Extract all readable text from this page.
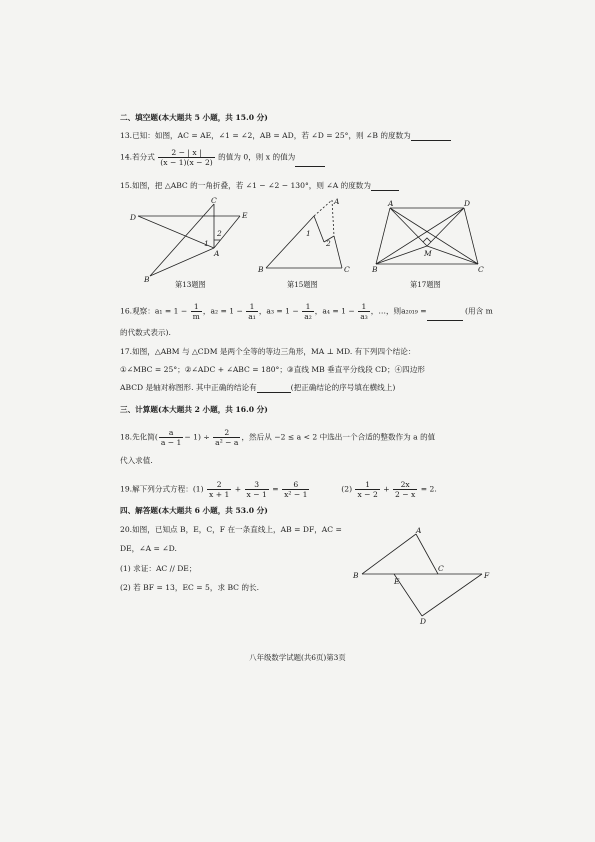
二、填空题(本大题共 5 小题，共 15.0 分)
13.已知：如图，AC = AE，∠1 = ∠2，AB = AD，若 ∠D = 25°，则 ∠B 的度数为
14.若分式 $\frac{2 - | x |}{(x - 1)(x - 2)}$ 的值为 0，则 x 的值为
15.如图，把 △ABC 的一角折叠，若 ∠1 − ∠2 − 130°，则 ∠A 的度数为
C
E
D
2
1
A
B
第13题图
A
1
2
B	C
第15题图
A	D
M
B	C
第17题图
16.观察：$a_1 = 1 - \frac{1}{m}$ ，$a_2 = 1 - \frac{1}{\text{a₁}}$ ，$a_3 = 1 - \frac{1}{\text{a₂}}$ ，$a_4 = 1 - \frac{1}{\text{a₃}}$ ，…，则a₂₀₁₉ =	(用含 m
的代数式表示).
17.如图，△ABM 与 △CDM 是两个全等的等边三角形，MA ⊥ MD. 有下列四个结论：
①∠MBC = 25°；②∠ADC + ∠ABC = 180°；③直线 MB 垂直平分线段 CD；④四边形
ABCD 是轴对称图形. 其中正确的结论有	(把正确结论的序号填在横线上)
三、计算题(本大题共 2 小题，共 16.0 分)
18.先化简( $\frac{a}{a - 1} - 1) \div \frac{2}{\text{a² − a}}$ ，然后从 −2 ≤ a < 2 中选出一个合适的整数作为 a 的值
代入求值.
19.解下列分式方程：$(1) \frac{2}{x + 1} + \frac{3}{x - 1} = \frac{6}{\text{x² − 1}}$	$(2) \frac{1}{x - 2} + \frac{2x}{2 - x} = 2$.
四、解答题(本大题共 6 小题，共 53.0 分)
20.如图，已知点 B，E，C，F 在一条直线上，AB = DF，AC =
DE，∠A = ∠D.
(1) 求证：AC // DE；
(2) 若 BF = 13，EC = 5，求 BC 的长.
A
B
E
C
F
D
八年级数学试题(共6页)第3页
